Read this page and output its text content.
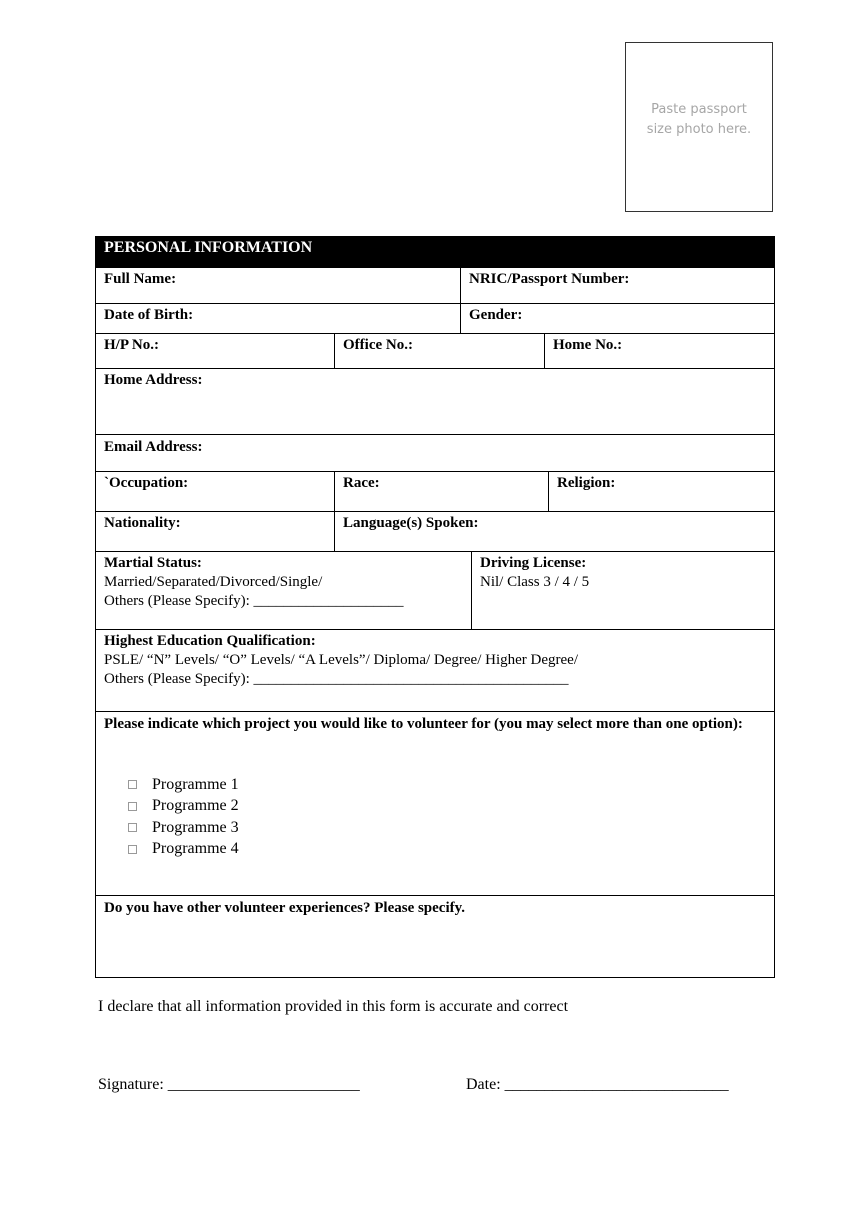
Paste passport size photo here.
PERSONAL INFORMATION
Full Name:	NRIC/Passport Number:
Date of Birth:	Gender:
H/P No.:	Office No.:	Home No.:
Home Address:
Email Address:
`Occupation:	Race:	Religion:
Nationality:	Language(s) Spoken:
Martial Status:
Married/Separated/Divorced/Single/
Others (Please Specify): ____________________
Driving License:
Nil/ Class 3 / 4 / 5
Highest Education Qualification:
PSLE/ “N” Levels/ “O” Levels/ “A Levels”/ Diploma/ Degree/ Higher Degree/
Others (Please Specify): __________________________________________
Please indicate which project you would like to volunteer for (you may select more than one option):
Programme 1
Programme 2
Programme 3
Programme 4
Do you have other volunteer experiences? Please specify.
I declare that all information provided in this form is accurate and correct
Signature: ________________________	Date: ____________________________
